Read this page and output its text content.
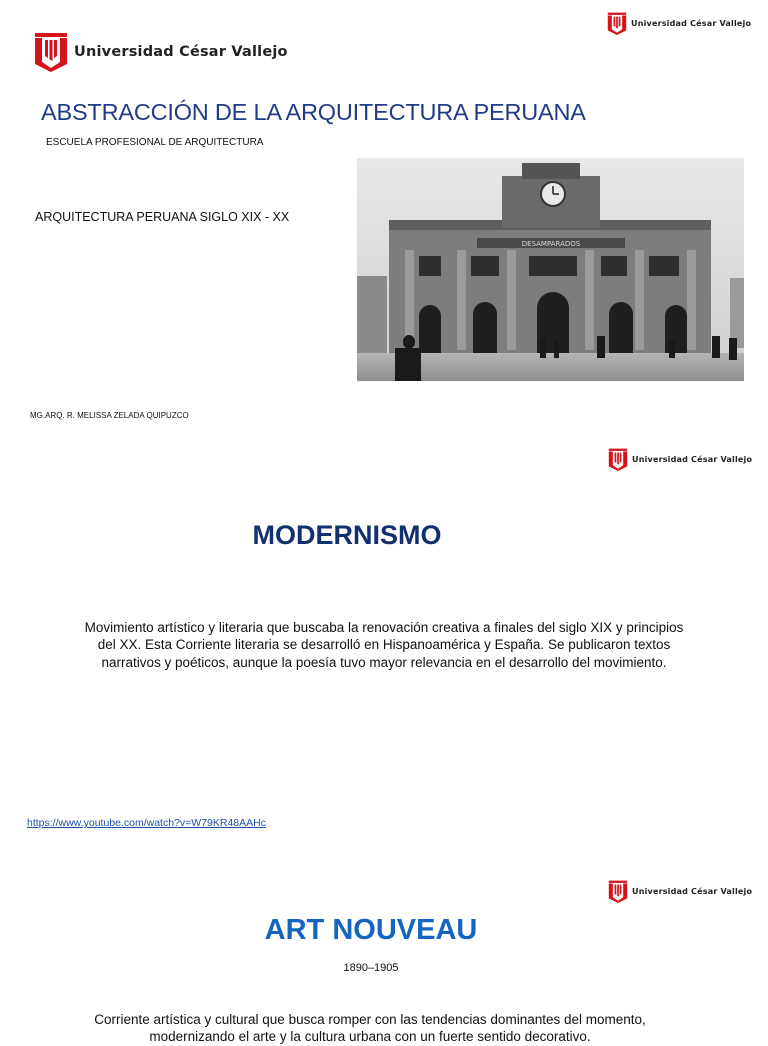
Universidad César Vallejo
Universidad César Vallejo
ABSTRACCIÓN DE LA ARQUITECTURA PERUANA
ESCUELA PROFESIONAL DE ARQUITECTURA
ARQUITECTURA PERUANA SIGLO XIX - XX
DESAMPARADOS
MG.ARQ. R. MELISSA ZELADA QUIPUZCO
Universidad César Vallejo
MODERNISMO

Movimiento artístico y literaria que buscaba la renovación creativa a finales del siglo XIX y principios del XX. Esta Corriente literaria se desarrolló en Hispanoamérica y España. Se publicaron textos narrativos y poéticos, aunque la poesía tuvo mayor relevancia en el desarrollo del movimiento.

https://www.youtube.com/watch?v=W79KR48AAHc
Universidad César Vallejo
ART NOUVEAU
1890–1905

Corriente artística y cultural que busca romper con las tendencias dominantes del momento, modernizando el arte y la cultura urbana con un fuerte sentido decorativo.
